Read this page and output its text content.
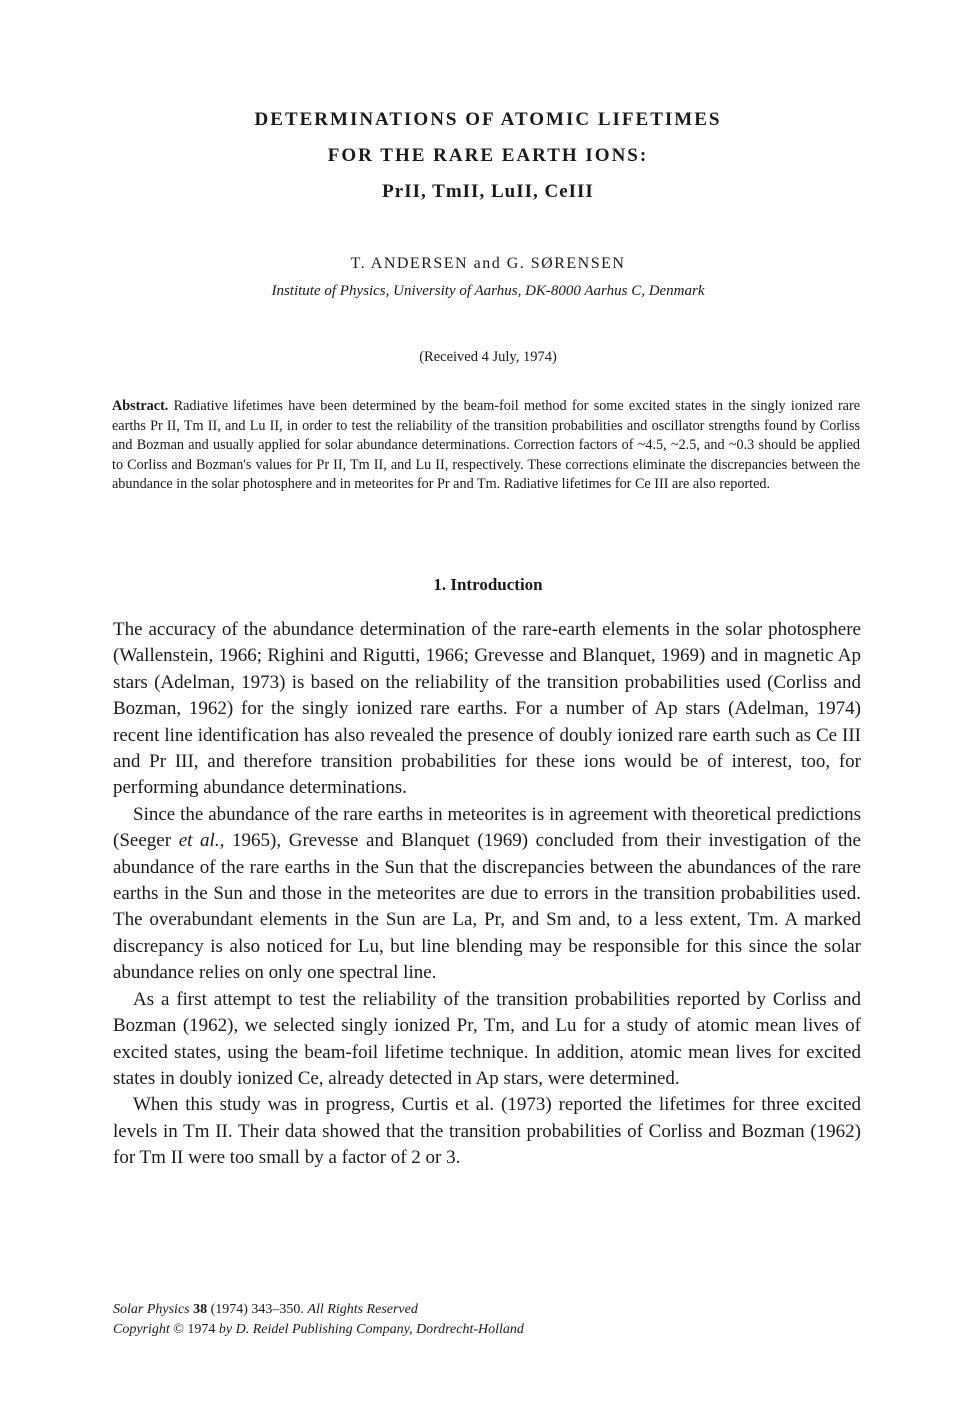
DETERMINATIONS OF ATOMIC LIFETIMES
FOR THE RARE EARTH IONS:
PrII, TmII, LuII, CeIII
T. ANDERSEN and G. SØRENSEN
Institute of Physics, University of Aarhus, DK-8000 Aarhus C, Denmark
(Received 4 July, 1974)

Abstract. Radiative lifetimes have been determined by the beam-foil method for some excited states in the singly ionized rare earths Pr II, Tm II, and Lu II, in order to test the reliability of the transition probabilities and oscillator strengths found by Corliss and Bozman and usually applied for solar abundance determinations. Correction factors of ~4.5, ~2.5, and ~0.3 should be applied to Corliss and Bozman's values for Pr II, Tm II, and Lu II, respectively. These corrections eliminate the discrepancies between the abundance in the solar photosphere and in meteorites for Pr and Tm. Radiative lifetimes for Ce III are also reported.

1. Introduction

The accuracy of the abundance determination of the rare-earth elements in the solar photosphere (Wallenstein, 1966; Righini and Rigutti, 1966; Grevesse and Blanquet, 1969) and in magnetic Ap stars (Adelman, 1973) is based on the reliability of the transition probabilities used (Corliss and Bozman, 1962) for the singly ionized rare earths. For a number of Ap stars (Adelman, 1974) recent line identification has also revealed the presence of doubly ionized rare earth such as Ce III and Pr III, and therefore transition probabilities for these ions would be of interest, too, for performing abundance determinations.

Since the abundance of the rare earths in meteorites is in agreement with theoretical predictions (Seeger et al., 1965), Grevesse and Blanquet (1969) concluded from their investigation of the abundance of the rare earths in the Sun that the discrepancies between the abundances of the rare earths in the Sun and those in the meteorites are due to errors in the transition probabilities used. The overabundant elements in the Sun are La, Pr, and Sm and, to a less extent, Tm. A marked discrepancy is also noticed for Lu, but line blending may be responsible for this since the solar abundance relies on only one spectral line.

As a first attempt to test the reliability of the transition probabilities reported by Corliss and Bozman (1962), we selected singly ionized Pr, Tm, and Lu for a study of atomic mean lives of excited states, using the beam-foil lifetime technique. In addition, atomic mean lives for excited states in doubly ionized Ce, already detected in Ap stars, were determined.

When this study was in progress, Curtis et al. (1973) reported the lifetimes for three excited levels in Tm II. Their data showed that the transition probabilities of Corliss and Bozman (1962) for Tm II were too small by a factor of 2 or 3.

Solar Physics 38 (1974) 343–350. All Rights Reserved
Copyright © 1974 by D. Reidel Publishing Company, Dordrecht-Holland
